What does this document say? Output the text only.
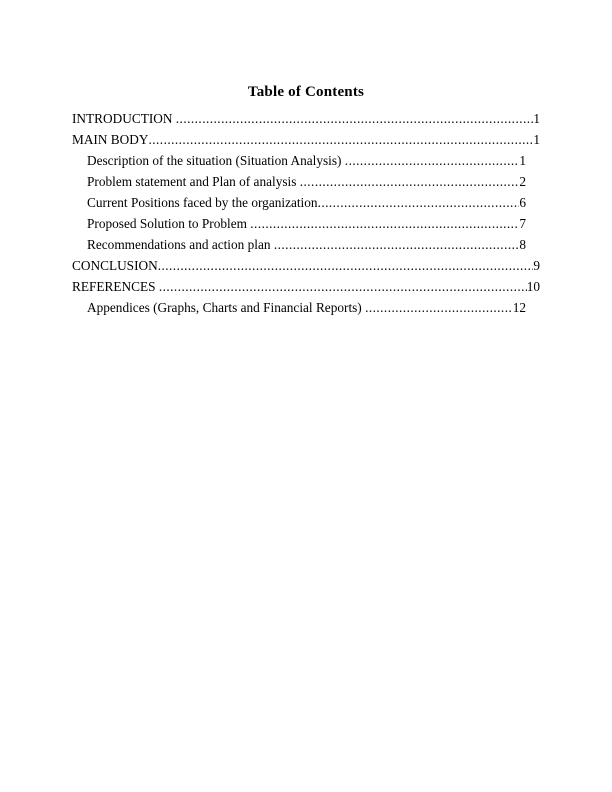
Table of Contents
INTRODUCTION .....	1
MAIN BODY .....	1
Description of the situation (Situation Analysis) .....	1
Problem statement and Plan of analysis .....	2
Current Positions faced by the organization .....	6
Proposed Solution to Problem .....	7
Recommendations and action plan .....	8
CONCLUSION .....	9
REFERENCES .....	10
Appendices (Graphs, Charts and Financial Reports) .....	12
